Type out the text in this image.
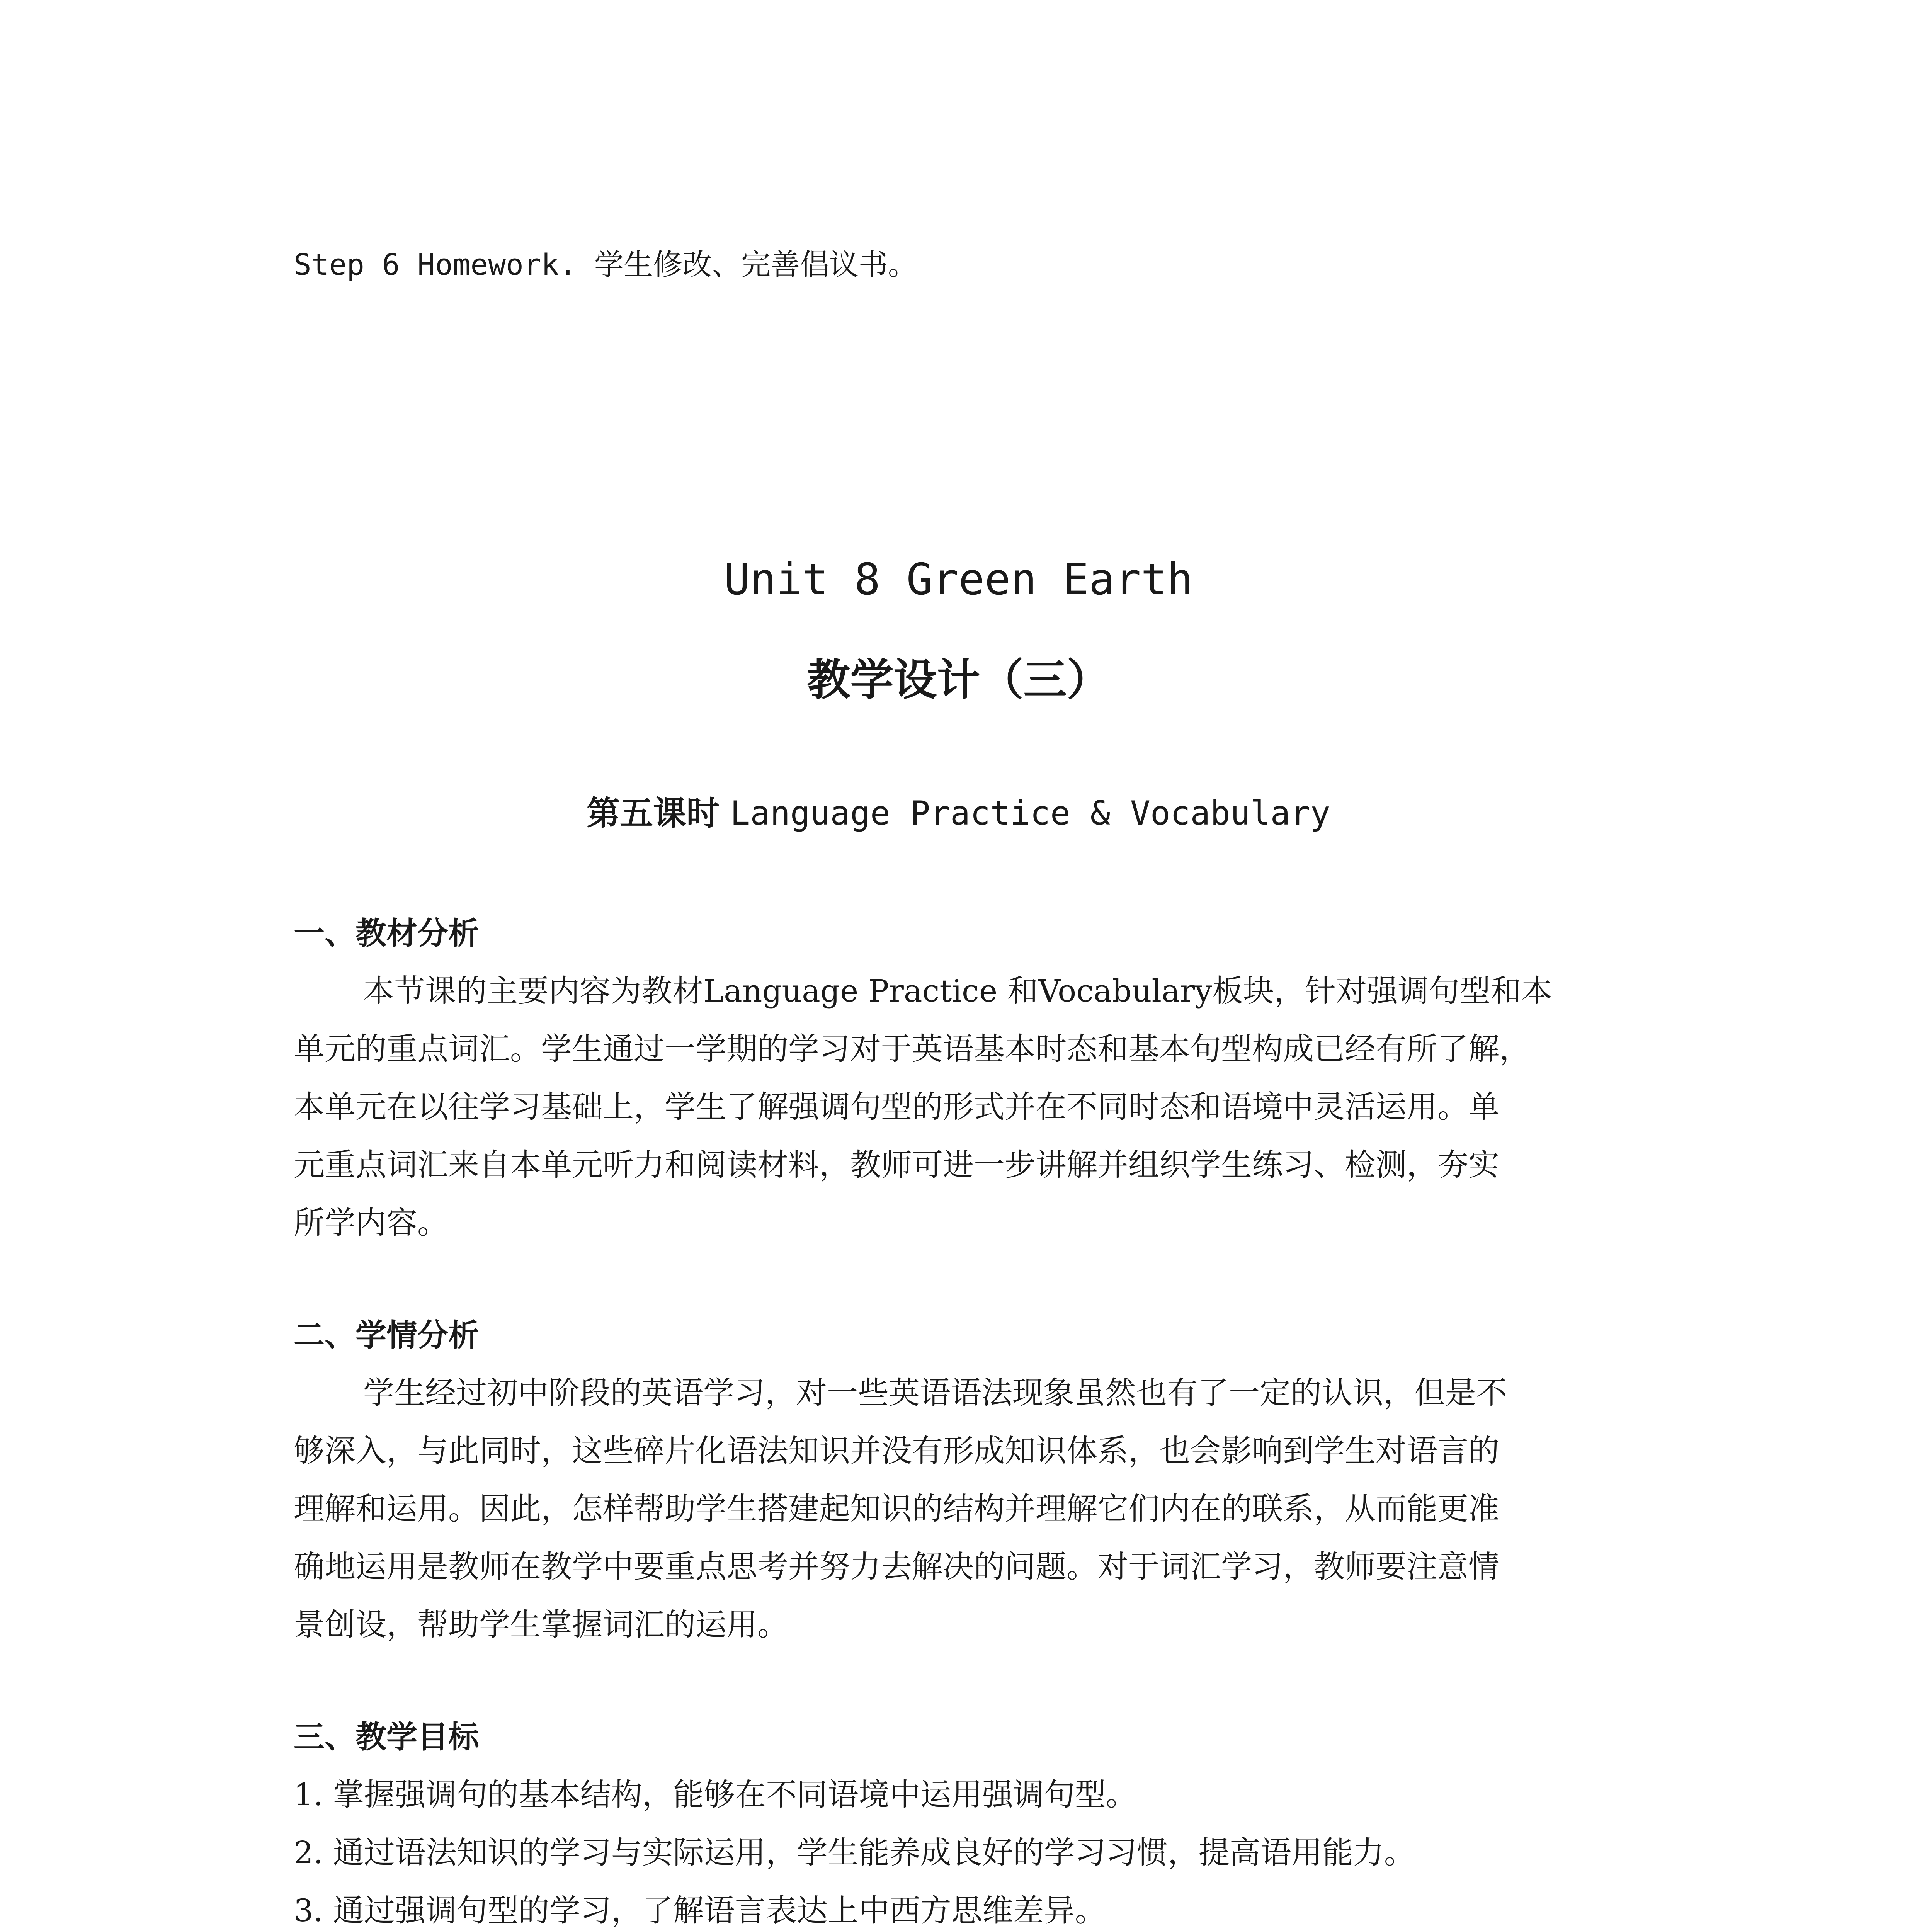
Step 6 Homework. 学生修改、完善倡议书。
Unit 8 Green Earth
教学设计（三）
第五课时 Language Practice & Vocabulary
一、教材分析
本节课的主要内容为教材Language Practice 和Vocabulary板块，针对强调句型和本
单元的重点词汇。学生通过一学期的学习对于英语基本时态和基本句型构成已经有所了解，
本单元在以往学习基础上，学生了解强调句型的形式并在不同时态和语境中灵活运用。单
元重点词汇来自本单元听力和阅读材料，教师可进一步讲解并组织学生练习、检测，夯实
所学内容。
二、学情分析
学生经过初中阶段的英语学习，对一些英语语法现象虽然也有了一定的认识，但是不
够深入，与此同时，这些碎片化语法知识并没有形成知识体系，也会影响到学生对语言的
理解和运用。因此，怎样帮助学生搭建起知识的结构并理解它们内在的联系，从而能更准
确地运用是教师在教学中要重点思考并努力去解决的问题。对于词汇学习，教师要注意情
景创设，帮助学生掌握词汇的运用。
三、教学目标
1. 掌握强调句的基本结构，能够在不同语境中运用强调句型。
2. 通过语法知识的学习与实际运用，学生能养成良好的学习习惯，提高语用能力。
3. 通过强调句型的学习，了解语言表达上中西方思维差异。
